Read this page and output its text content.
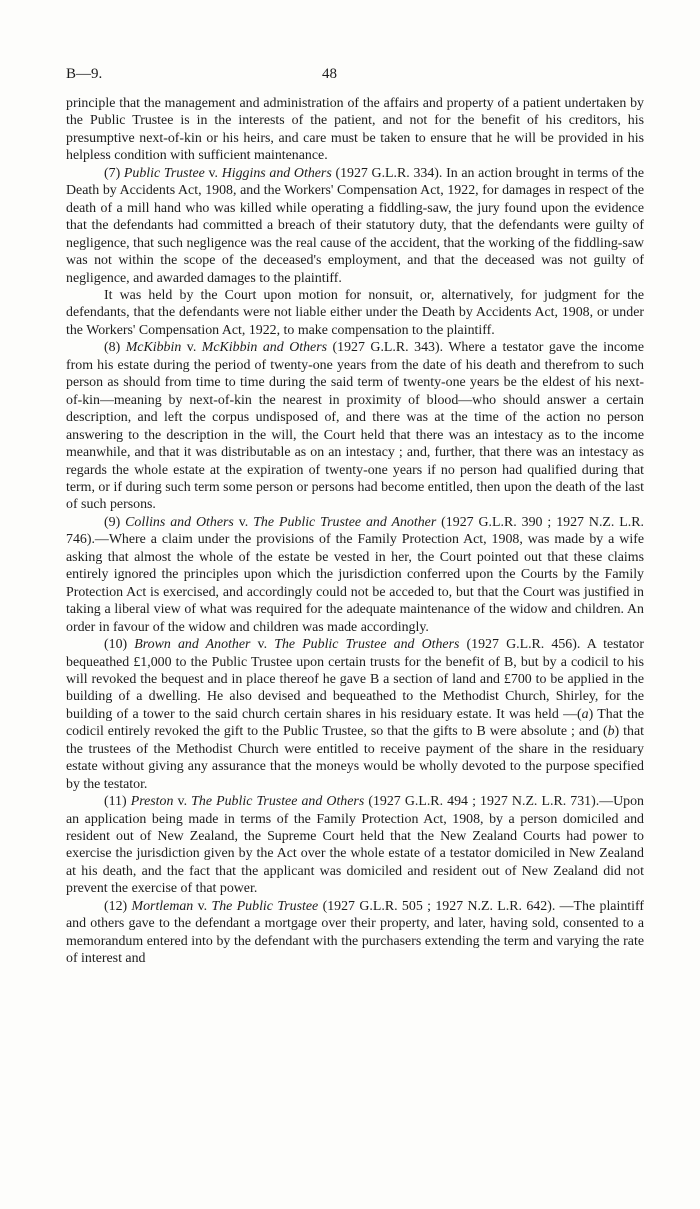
B—9.	48

principle that the management and administration of the affairs and property of a patient undertaken by the Public Trustee is in the interests of the patient, and not for the benefit of his creditors, his presumptive next-of-kin or his heirs, and care must be taken to ensure that he will be provided in his helpless condition with sufficient maintenance.

(7) Public Trustee v. Higgins and Others (1927 G.L.R. 334). In an action brought in terms of the Death by Accidents Act, 1908, and the Workers' Compensation Act, 1922, for damages in respect of the death of a mill hand who was killed while operating a fiddling-saw, the jury found upon the evidence that the defendants had committed a breach of their statutory duty, that the defendants were guilty of negligence, that such negligence was the real cause of the accident, that the working of the fiddling-saw was not within the scope of the deceased's employment, and that the deceased was not guilty of negligence, and awarded damages to the plaintiff.

It was held by the Court upon motion for nonsuit, or, alternatively, for judgment for the defendants, that the defendants were not liable either under the Death by Accidents Act, 1908, or under the Workers' Compensation Act, 1922, to make compensation to the plaintiff.

(8) McKibbin v. McKibbin and Others (1927 G.L.R. 343). Where a testator gave the income from his estate during the period of twenty-one years from the date of his death and therefrom to such person as should from time to time during the said term of twenty-one years be the eldest of his next-of-kin—meaning by next-of-kin the nearest in proximity of blood—who should answer a certain description, and left the corpus undisposed of, and there was at the time of the action no person answering to the description in the will, the Court held that there was an intestacy as to the income meanwhile, and that it was distributable as on an intestacy ; and, further, that there was an intestacy as regards the whole estate at the expiration of twenty-one years if no person had qualified during that term, or if during such term some person or persons had become entitled, then upon the death of the last of such persons.

(9) Collins and Others v. The Public Trustee and Another (1927 G.L.R. 390 ; 1927 N.Z. L.R. 746).—Where a claim under the provisions of the Family Protection Act, 1908, was made by a wife asking that almost the whole of the estate be vested in her, the Court pointed out that these claims entirely ignored the principles upon which the jurisdiction conferred upon the Courts by the Family Protection Act is exercised, and accordingly could not be acceded to, but that the Court was justified in taking a liberal view of what was required for the adequate maintenance of the widow and children. An order in favour of the widow and children was made accordingly.

(10) Brown and Another v. The Public Trustee and Others (1927 G.L.R. 456). A testator bequeathed £1,000 to the Public Trustee upon certain trusts for the benefit of B, but by a codicil to his will revoked the bequest and in place thereof he gave B a section of land and £700 to be applied in the building of a dwelling. He also devised and bequeathed to the Methodist Church, Shirley, for the building of a tower to the said church certain shares in his residuary estate. It was held —(a) That the codicil entirely revoked the gift to the Public Trustee, so that the gifts to B were absolute ; and (b) that the trustees of the Methodist Church were entitled to receive payment of the share in the residuary estate without giving any assurance that the moneys would be wholly devoted to the purpose specified by the testator.

(11) Preston v. The Public Trustee and Others (1927 G.L.R. 494 ; 1927 N.Z. L.R. 731).—Upon an application being made in terms of the Family Protection Act, 1908, by a person domiciled and resident out of New Zealand, the Supreme Court held that the New Zealand Courts had power to exercise the jurisdiction given by the Act over the whole estate of a testator domiciled in New Zealand at his death, and the fact that the applicant was domiciled and resident out of New Zealand did not prevent the exercise of that power.

(12) Mortleman v. The Public Trustee (1927 G.L.R. 505 ; 1927 N.Z. L.R. 642). —The plaintiff and others gave to the defendant a mortgage over their property, and later, having sold, consented to a memorandum entered into by the defendant with the purchasers extending the term and varying the rate of interest and
